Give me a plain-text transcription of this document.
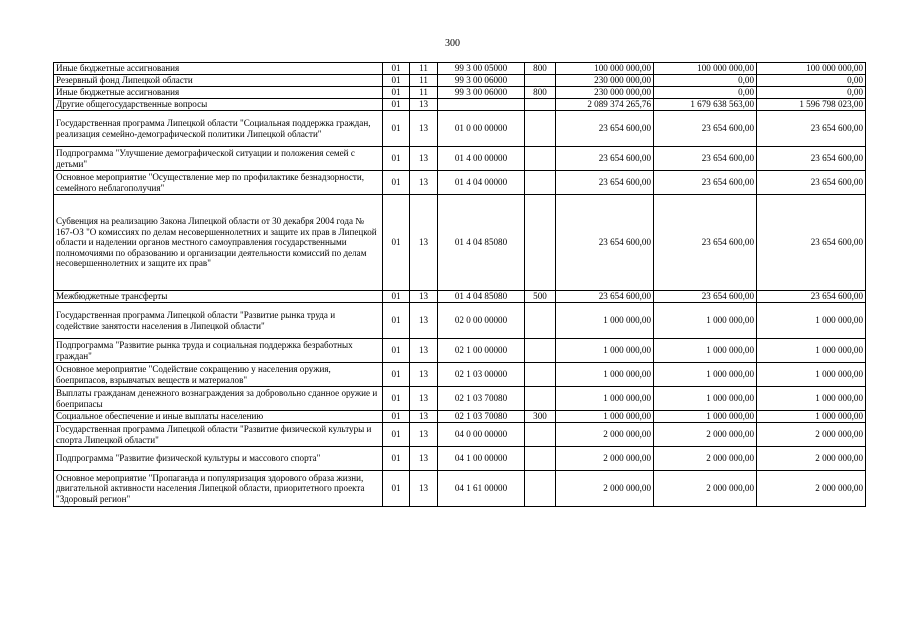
300
Иные бюджетные ассигнования	01	11	99 3 00 05000	800	100 000 000,00	100 000 000,00	100 000 000,00
Резервный фонд Липецкой области	01	11	99 3 00 06000		230 000 000,00	0,00	0,00
Иные бюджетные ассигнования	01	11	99 3 00 06000	800	230 000 000,00	0,00	0,00
Другие общегосударственные вопросы	01	13			2 089 374 265,76	1 679 638 563,00	1 596 798 023,00
Государственная программа Липецкой области "Социальная поддержка граждан, реализация семейно-демографической политики Липецкой области"	01	13	01 0 00 00000		23 654 600,00	23 654 600,00	23 654 600,00
Подпрограмма "Улучшение демографической ситуации и положения семей с детьми"	01	13	01 4 00 00000		23 654 600,00	23 654 600,00	23 654 600,00
Основное мероприятие "Осуществление мер по профилактике безнадзорности, семейного неблагополучия"	01	13	01 4 04 00000		23 654 600,00	23 654 600,00	23 654 600,00
Субвенция на реализацию Закона Липецкой области от 30 декабря 2004 года № 167-ОЗ "О комиссиях по делам несовершеннолетних и защите их прав в Липецкой области и наделении органов местного самоуправления государственными полномочиями по образованию и организации деятельности комиссий по делам несовершеннолетних и защите их прав"	01	13	01 4 04 85080		23 654 600,00	23 654 600,00	23 654 600,00
Межбюджетные трансферты	01	13	01 4 04 85080	500	23 654 600,00	23 654 600,00	23 654 600,00
Государственная программа Липецкой области "Развитие рынка труда и содействие занятости населения в Липецкой области"	01	13	02 0 00 00000		1 000 000,00	1 000 000,00	1 000 000,00
Подпрограмма "Развитие рынка труда и социальная поддержка безработных граждан"	01	13	02 1 00 00000		1 000 000,00	1 000 000,00	1 000 000,00
Основное мероприятие "Содействие сокращению у населения оружия, боеприпасов, взрывчатых веществ и материалов"	01	13	02 1 03 00000		1 000 000,00	1 000 000,00	1 000 000,00
Выплаты гражданам денежного вознаграждения за добровольно сданное оружие и боеприпасы	01	13	02 1 03 70080		1 000 000,00	1 000 000,00	1 000 000,00
Социальное обеспечение и иные выплаты населению	01	13	02 1 03 70080	300	1 000 000,00	1 000 000,00	1 000 000,00
Государственная программа Липецкой области "Развитие физической культуры и спорта Липецкой области"	01	13	04 0 00 00000		2 000 000,00	2 000 000,00	2 000 000,00
Подпрограмма "Развитие физической культуры и массового спорта"	01	13	04 1 00 00000		2 000 000,00	2 000 000,00	2 000 000,00
Основное мероприятие "Пропаганда и популяризация здорового образа жизни, двигательной активности населения Липецкой области, приоритетного проекта "Здоровый регион"	01	13	04 1 61 00000		2 000 000,00	2 000 000,00	2 000 000,00
